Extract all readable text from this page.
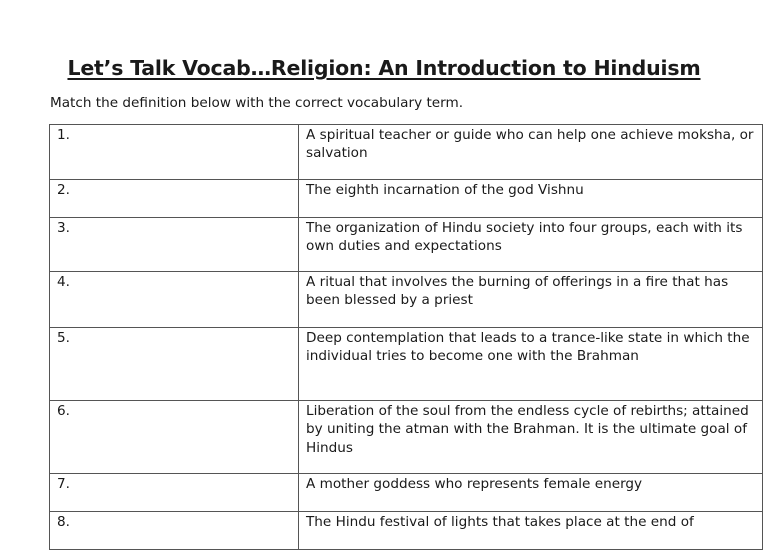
Let’s Talk Vocab…Religion: An Introduction to Hinduism
Match the definition below with the correct vocabulary term.
1.	A spiritual teacher or guide who can help one achieve moksha, or salvation
2.	The eighth incarnation of the god Vishnu
3.	The organization of Hindu society into four groups, each with its own duties and expectations
4.	A ritual that involves the burning of offerings in a fire that has been blessed by a priest
5.	Deep contemplation that leads to a trance-like state in which the individual tries to become one with the Brahman
6.	Liberation of the soul from the endless cycle of rebirths; attained by uniting the atman with the Brahman. It is the ultimate goal of Hindus
7.	A mother goddess who represents female energy
8.	The Hindu festival of lights that takes place at the end of
